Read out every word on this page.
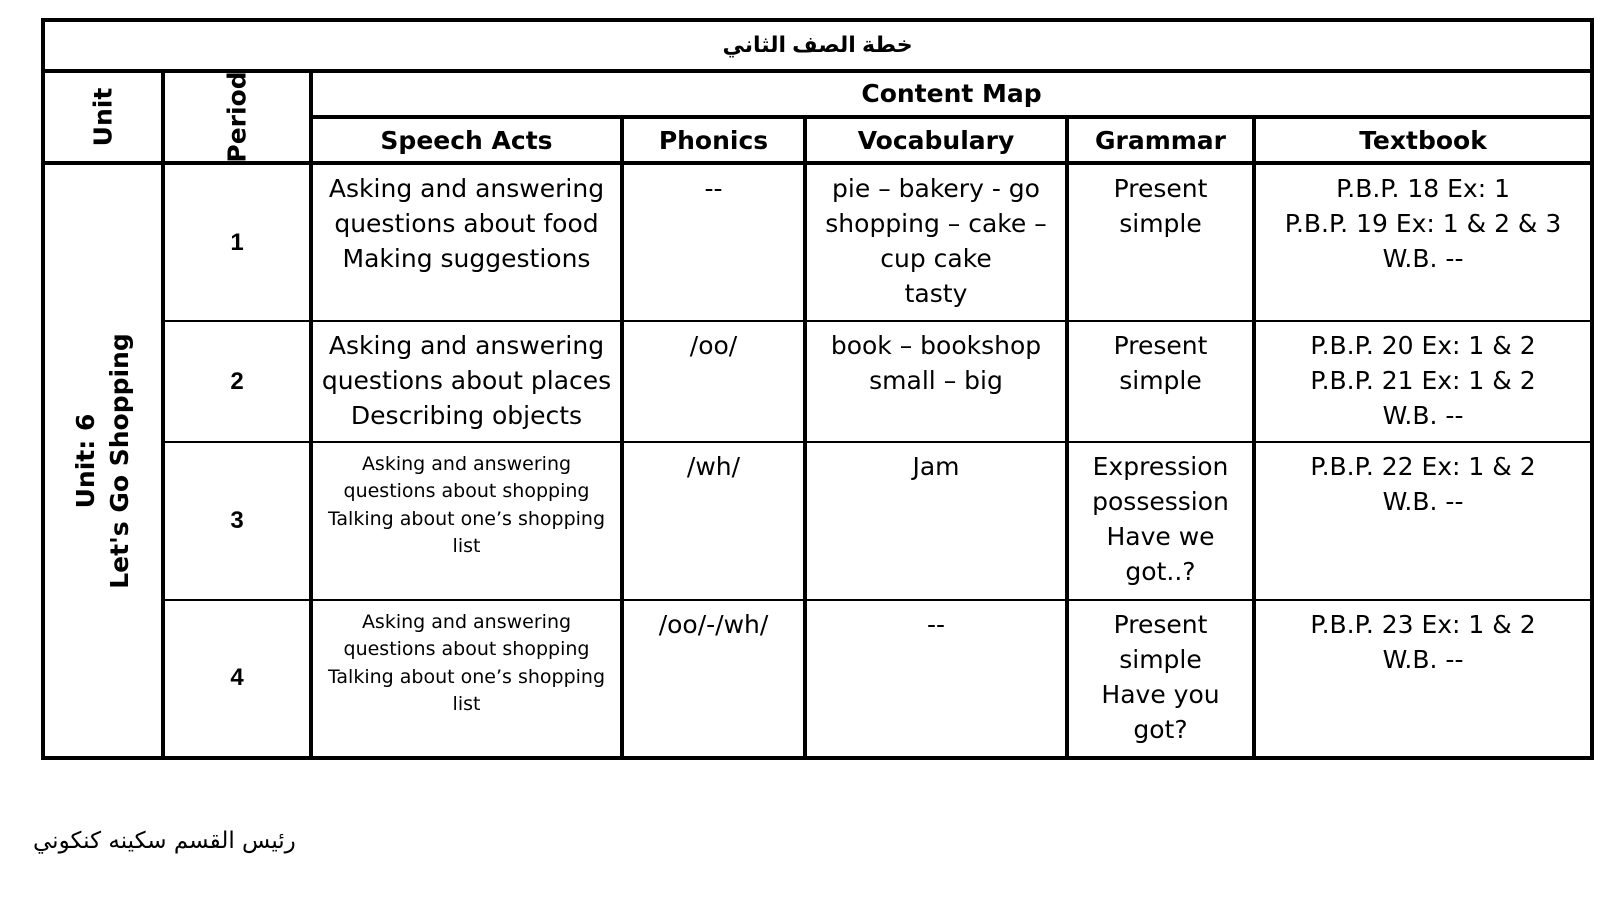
خطة الصف الثاني						

Unit	Period	Content Map				
		Speech Acts	Phonics	Vocabulary	Grammar	Textbook

Unit: 6 Let's Go Shopping	1	Asking and answering
questions about food
Making suggestions	--	pie – bakery - go
shopping – cake –
cup cake
tasty	Present
simple	P.B.P. 18 Ex: 1
P.B.P. 19 Ex: 1 & 2 & 3
W.B. --

	2	Asking and answering
questions about places
Describing objects	/oo/	book – bookshop
small – big	Present
simple	P.B.P. 20 Ex: 1 & 2
P.B.P. 21 Ex: 1 & 2
W.B. --

	3	Asking and answering
questions about shopping
Talking about one’s shopping
list	/wh/	Jam	Expression
possession
Have we
got..?	P.B.P. 22 Ex: 1 & 2
W.B. --

	4	Asking and answering
questions about shopping
Talking about one’s shopping
list	/oo/-/wh/	--	Present
simple
Have you
got?	P.B.P. 23 Ex: 1 & 2
W.B. --
رئيس القسم سكينه كنكوني
